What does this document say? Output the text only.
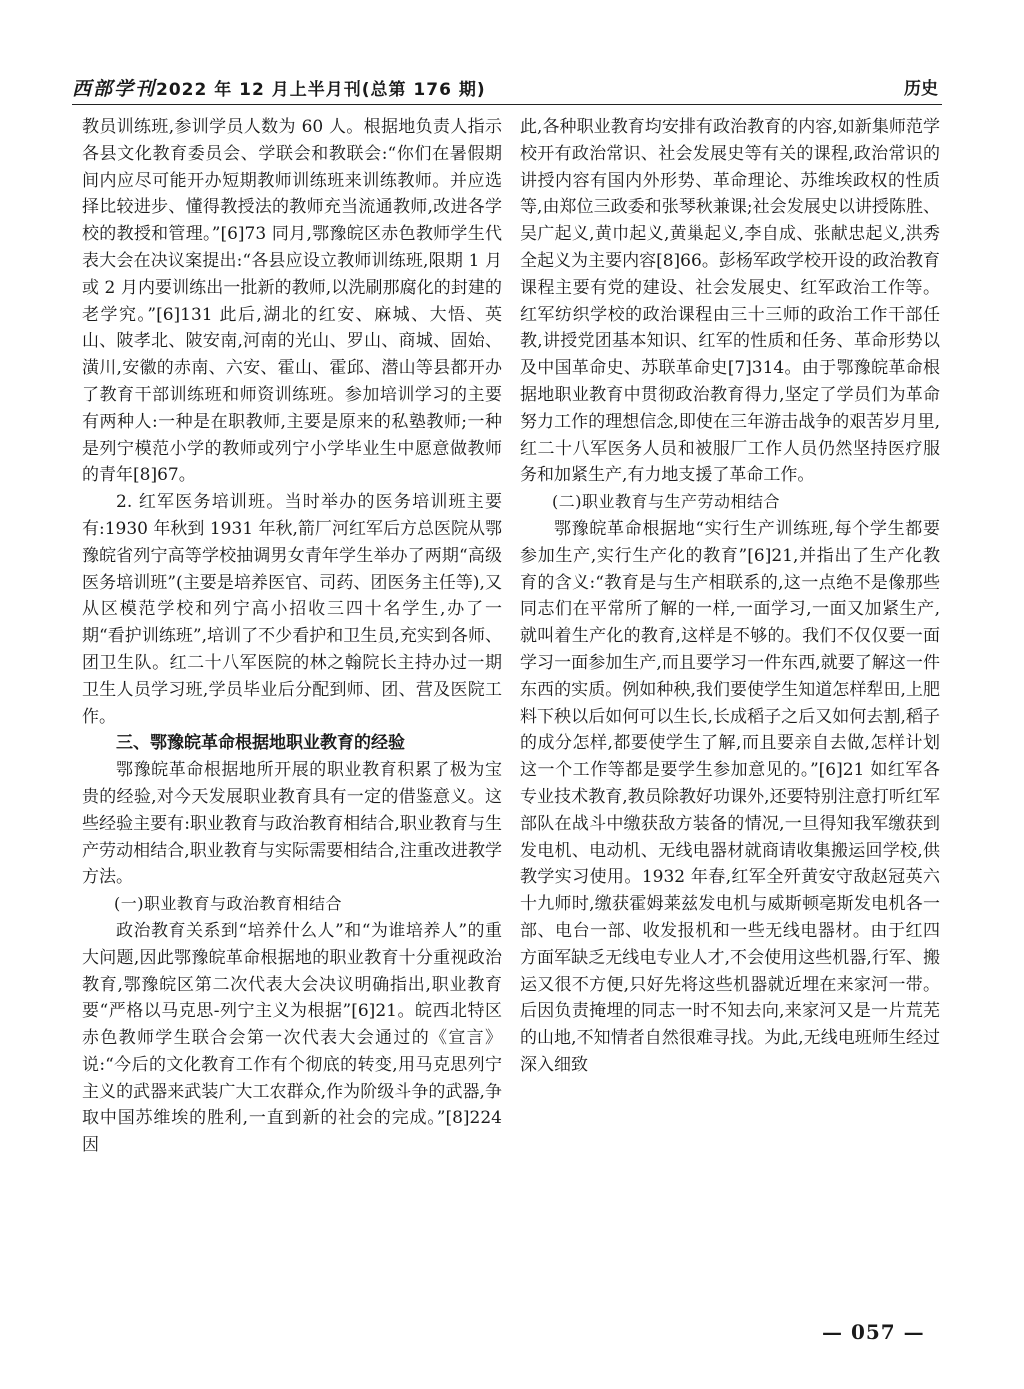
西部学刊2022 年 12 月上半月刊(总第 176 期)	历史

教员训练班,参训学员人数为 60 人。根据地负责人指示各县文化教育委员会、学联会和教联会:“你们在暑假期间内应尽可能开办短期教师训练班来训练教师。并应选择比较进步、懂得教授法的教师充当流通教师,改进各学校的教授和管理。”[6]73 同月,鄂豫皖区赤色教师学生代表大会在决议案提出:“各县应设立教师训练班,限期 1 月或 2 月内要训练出一批新的教师,以洗刷那腐化的封建的老学究。”[6]131 此后,湖北的红安、麻城、大悟、英山、陂孝北、陂安南,河南的光山、罗山、商城、固始、潢川,安徽的赤南、六安、霍山、霍邱、潜山等县都开办了教育干部训练班和师资训练班。参加培训学习的主要有两种人:一种是在职教师,主要是原来的私塾教师;一种是列宁模范小学的教师或列宁小学毕业生中愿意做教师的青年[8]67。

2. 红军医务培训班。当时举办的医务培训班主要有:1930 年秋到 1931 年秋,箭厂河红军后方总医院从鄂豫皖省列宁高等学校抽调男女青年学生举办了两期“高级医务培训班”(主要是培养医官、司药、团医务主任等),又从区模范学校和列宁高小招收三四十名学生,办了一期“看护训练班”,培训了不少看护和卫生员,充实到各师、团卫生队。红二十八军医院的林之翰院长主持办过一期卫生人员学习班,学员毕业后分配到师、团、营及医院工作。

三、鄂豫皖革命根据地职业教育的经验

鄂豫皖革命根据地所开展的职业教育积累了极为宝贵的经验,对今天发展职业教育具有一定的借鉴意义。这些经验主要有:职业教育与政治教育相结合,职业教育与生产劳动相结合,职业教育与实际需要相结合,注重改进教学方法。

(一)职业教育与政治教育相结合

政治教育关系到“培养什么人”和“为谁培养人”的重大问题,因此鄂豫皖革命根据地的职业教育十分重视政治教育,鄂豫皖区第二次代表大会决议明确指出,职业教育要“严格以马克思-列宁主义为根据”[6]21。皖西北特区赤色教师学生联合会第一次代表大会通过的《宣言》说:“今后的文化教育工作有个彻底的转变,用马克思列宁主义的武器来武装广大工农群众,作为阶级斗争的武器,争取中国苏维埃的胜利,一直到新的社会的完成。”[8]224 因

此,各种职业教育均安排有政治教育的内容,如新集师范学校开有政治常识、社会发展史等有关的课程,政治常识的讲授内容有国内外形势、革命理论、苏维埃政权的性质等,由郑位三政委和张琴秋兼课;社会发展史以讲授陈胜、吴广起义,黄巾起义,黄巢起义,李自成、张献忠起义,洪秀全起义为主要内容[8]66。彭杨军政学校开设的政治教育课程主要有党的建设、社会发展史、红军政治工作等。红军纺织学校的政治课程由三十三师的政治工作干部任教,讲授党团基本知识、红军的性质和任务、革命形势以及中国革命史、苏联革命史[7]314。由于鄂豫皖革命根据地职业教育中贯彻政治教育得力,坚定了学员们为革命努力工作的理想信念,即使在三年游击战争的艰苦岁月里,红二十八军医务人员和被服厂工作人员仍然坚持医疗服务和加紧生产,有力地支援了革命工作。

(二)职业教育与生产劳动相结合

鄂豫皖革命根据地“实行生产训练班,每个学生都要参加生产,实行生产化的教育”[6]21,并指出了生产化教育的含义:“教育是与生产相联系的,这一点绝不是像那些同志们在平常所了解的一样,一面学习,一面又加紧生产,就叫着生产化的教育,这样是不够的。我们不仅仅要一面学习一面参加生产,而且要学习一件东西,就要了解这一件东西的实质。例如种秧,我们要使学生知道怎样犁田,上肥料下秧以后如何可以生长,长成稻子之后又如何去割,稻子的成分怎样,都要使学生了解,而且要亲自去做,怎样计划这一个工作等都是要学生参加意见的。”[6]21 如红军各专业技术教育,教员除教好功课外,还要特别注意打听红军部队在战斗中缴获敌方装备的情况,一旦得知我军缴获到发电机、电动机、无线电器材就商请收集搬运回学校,供教学实习使用。1932 年春,红军全歼黄安守敌赵冠英六十九师时,缴获霍姆莱兹发电机与威斯顿亳斯发电机各一部、电台一部、收发报机和一些无线电器材。由于红四方面军缺乏无线电专业人才,不会使用这些机器,行军、搬运又很不方便,只好先将这些机器就近埋在来家河一带。后因负责掩埋的同志一时不知去向,来家河又是一片荒芜的山地,不知情者自然很难寻找。为此,无线电班师生经过深入细致

— 057 —
